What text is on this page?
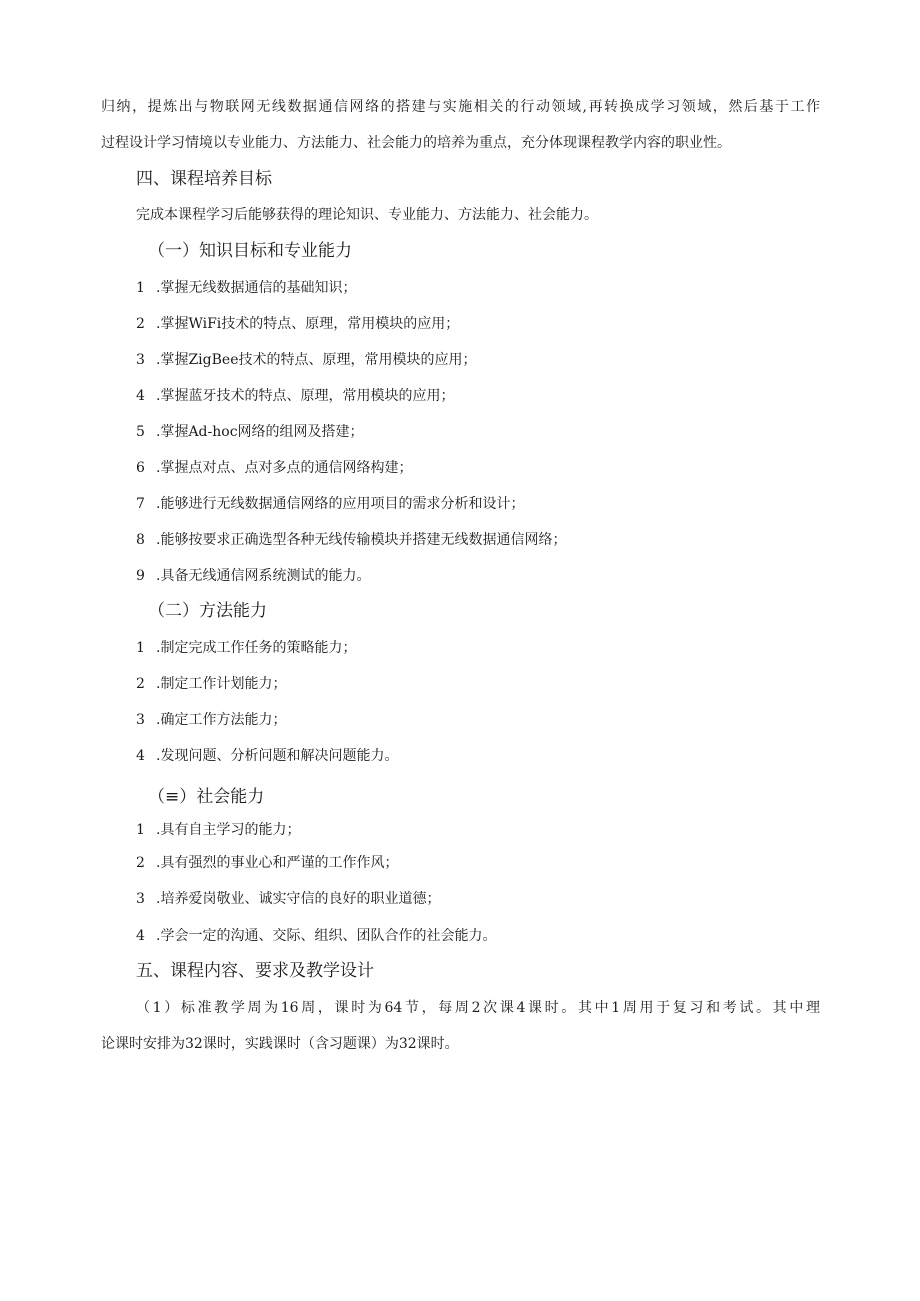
归纳，提炼出与物联网无线数据通信网络的搭建与实施相关的行动领域,再转换成学习领域，然后基于工作
过程设计学习情境以专业能力、方法能力、社会能力的培养为重点，充分体现课程教学内容的职业性。
四、课程培养目标
完成本课程学习后能够获得的理论知识、专业能力、方法能力、社会能力。
（一）知识目标和专业能力
1 .掌握无线数据通信的基础知识；
2 .掌握WiFi技术的特点、原理，常用模块的应用；
3 .掌握ZigBee技术的特点、原理，常用模块的应用；
4 .掌握蓝牙技术的特点、原理，常用模块的应用；
5 .掌握Ad-hoc网络的组网及搭建；
6 .掌握点对点、点对多点的通信网络构建；
7 .能够进行无线数据通信网络的应用项目的需求分析和设计；
8 .能够按要求正确选型各种无线传输模块并搭建无线数据通信网络；
9 .具备无线通信网系统测试的能力。
（二）方法能力
1 .制定完成工作任务的策略能力；
2 .制定工作计划能力；
3 .确定工作方法能力；
4 .发现问题、分析问题和解决问题能力。
（≡）社会能力
1 .具有自主学习的能力；
2 .具有强烈的事业心和严谨的工作作风；
3 .培养爱岗敬业、诚实守信的良好的职业道德；
4 .学会一定的沟通、交际、组织、团队合作的社会能力。
五、课程内容、要求及教学设计
（1）标准教学周为16周，课时为64节，每周2次课4课时。其中1周用于复习和考试。其中理
论课时安排为32课时，实践课时（含习题课）为32课时。
